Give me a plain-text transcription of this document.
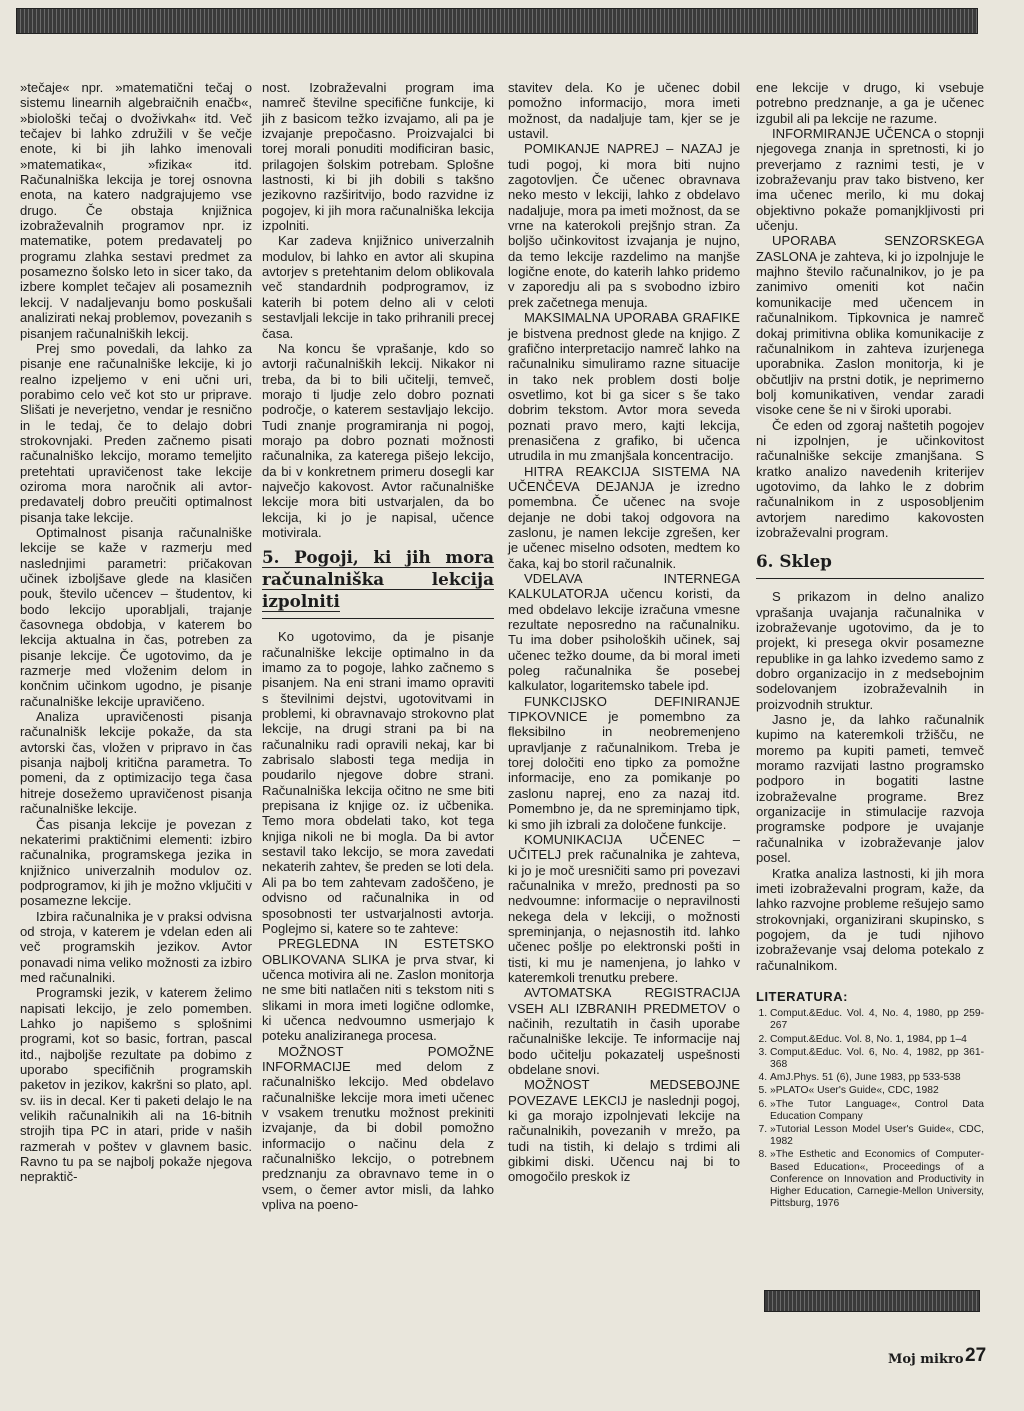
»tečaje« npr. »matematični tečaj o sistemu linearnih algebraičnih enačb«, »biološki tečaj o dvoživkah« itd. Več tečajev bi lahko združili v še večje enote, ki bi jih lahko imenovali »matematika«, »fizika« itd. Računalniška lekcija je torej osnovna enota, na katero nadgrajujemo vse drugo. Če obstaja knjižnica izobraževalnih programov npr. iz matematike, potem predavatelj po programu zlahka sestavi predmet za posamezno šolsko leto in sicer tako, da izbere komplet tečajev ali posameznih lekcij. V nadaljevanju bomo poskušali analizirati nekaj problemov, povezanih s pisanjem računalniških lekcij.

Prej smo povedali, da lahko za pisanje ene računalniške lekcije, ki jo realno izpeljemo v eni učni uri, porabimo celo več kot sto ur priprave. Slišati je neverjetno, vendar je resnično in le tedaj, če to delajo dobri strokovnjaki. Preden začnemo pisati računalniško lekcijo, moramo temeljito pretehtati upravičenost take lekcije oziroma mora naročnik ali avtor-predavatelj dobro preučiti optimalnost pisanja take lekcije.

Optimalnost pisanja računalniške lekcije se kaže v razmerju med naslednjimi parametri: pričakovan učinek izboljšave glede na klasičen pouk, število učencev – študentov, ki bodo lekcijo uporabljali, trajanje časovnega obdobja, v katerem bo lekcija aktualna in čas, potreben za pisanje lekcije. Če ugotovimo, da je razmerje med vloženim delom in končnim učinkom ugodno, je pisanje računalniške lekcije upravičeno.

Analiza upravičenosti pisanja računalnišk lekcije pokaže, da sta avtorski čas, vložen v pripravo in čas pisanja najbolj kritična parametra. To pomeni, da z optimizacijo tega časa hitreje dosežemo upravičenost pisanja računalniške lekcije.

Čas pisanja lekcije je povezan z nekaterimi praktičnimi elementi: izbiro računalnika, programskega jezika in knjižnico univerzalnih modulov oz. podprogramov, ki jih je možno vključiti v posamezne lekcije.

Izbira računalnika je v praksi odvisna od stroja, v katerem je vdelan eden ali več programskih jezikov. Avtor ponavadi nima veliko možnosti za izbiro med računalniki.

Programski jezik, v katerem želimo napisati lekcijo, je zelo pomemben. Lahko jo napišemo s splošnimi programi, kot so basic, fortran, pascal itd., najboljše rezultate pa dobimo z uporabo specifičnih programskih paketov in jezikov, kakršni so plato, apl. sv. iis in decal. Ker ti paketi delajo le na velikih računalnikih ali na 16-bitnih strojih tipa PC in atari, pride v naših razmerah v poštev v glavnem basic. Ravno tu pa se najbolj pokaže njegova nepraktič-

nost. Izobraževalni program ima namreč številne specifične funkcije, ki jih z basicom težko izvajamo, ali pa je izvajanje prepočasno. Proizvajalci bi torej morali ponuditi modificiran basic, prilagojen šolskim potrebam. Splošne lastnosti, ki bi jih dobili s takšno jezikovno razširitvijo, bodo razvidne iz pogojev, ki jih mora računalniška lekcija izpolniti.

Kar zadeva knjižnico univerzalnih modulov, bi lahko en avtor ali skupina avtorjev s pretehtanim delom oblikovala več standardnih podprogramov, iz katerih bi potem delno ali v celoti sestavljali lekcije in tako prihranili precej časa.

Na koncu še vprašanje, kdo so avtorji računalniških lekcij. Nikakor ni treba, da bi to bili učitelji, temveč, morajo ti ljudje zelo dobro poznati področje, o katerem sestavljajo lekcijo. Tudi znanje programiranja ni pogoj, morajo pa dobro poznati možnosti računalnika, za katerega pišejo lekcijo, da bi v konkretnem primeru dosegli kar največjo kakovost. Avtor računalniške lekcije mora biti ustvarjalen, da bo lekcija, ki jo je napisal, učence motivirala.

5. Pogoji, ki jih mora računalniška lekcija izpolniti

Ko ugotovimo, da je pisanje računalniške lekcije optimalno in da imamo za to pogoje, lahko začnemo s pisanjem. Na eni strani imamo opraviti s številnimi dejstvi, ugotovitvami in problemi, ki obravnavajo strokovno plat lekcije, na drugi strani pa bi na računalniku radi opravili nekaj, kar bi zabrisalo slabosti tega medija in poudarilo njegove dobre strani. Računalniška lekcija očitno ne sme biti prepisana iz knjige oz. iz učbenika. Temo mora obdelati tako, kot tega knjiga nikoli ne bi mogla. Da bi avtor sestavil tako lekcijo, se mora zavedati nekaterih zahtev, še preden se loti dela. Ali pa bo tem zahtevam zadoščeno, je odvisno od računalnika in od sposobnosti ter ustvarjalnosti avtorja. Poglejmo si, katere so te zahteve:

PREGLEDNA IN ESTETSKO OBLIKOVANA SLIKA je prva stvar, ki učenca motivira ali ne. Zaslon monitorja ne sme biti natlačen niti s tekstom niti s slikami in mora imeti logične odlomke, ki učenca nedvoumno usmerjajo k poteku analiziranega procesa.

MOŽNOST POMOŽNE INFORMACIJE med delom z računalniško lekcijo. Med obdelavo računalniške lekcije mora imeti učenec v vsakem trenutku možnost prekiniti izvajanje, da bi dobil pomožno informacijo o načinu dela z računalniško lekcijo, o potrebnem predznanju za obravnavo teme in o vsem, o čemer avtor misli, da lahko vpliva na poeno-

stavitev dela. Ko je učenec dobil pomožno informacijo, mora imeti možnost, da nadaljuje tam, kjer se je ustavil.

POMIKANJE NAPREJ – NAZAJ je tudi pogoj, ki mora biti nujno zagotovljen. Če učenec obravnava neko mesto v lekciji, lahko z obdelavo nadaljuje, mora pa imeti možnost, da se vrne na katerokoli prejšnjo stran. Za boljšo učinkovitost izvajanja je nujno, da temo lekcije razdelimo na manjše logične enote, do katerih lahko pridemo v zaporedju ali pa s svobodno izbiro prek začetnega menuja.

MAKSIMALNA UPORABA GRAFIKE je bistvena prednost glede na knjigo. Z grafično interpretacijo namreč lahko na računalniku simuliramo razne situacije in tako nek problem dosti bolje osvetlimo, kot bi ga sicer s še tako dobrim tekstom. Avtor mora seveda poznati pravo mero, kajti lekcija, prenasičena z grafiko, bi učenca utrudila in mu zmanjšala koncentracijo.

HITRA REAKCIJA SISTEMA NA UČENČEVA DEJANJA je izredno pomembna. Če učenec na svoje dejanje ne dobi takoj odgovora na zaslonu, je namen lekcije zgrešen, ker je učenec miselno odsoten, medtem ko čaka, kaj bo storil računalnik.

VDELAVA INTERNEGA KALKULATORJA učencu koristi, da med obdelavo lekcije izračuna vmesne rezultate neposredno na računalniku. Tu ima dober psiholoških učinek, saj učenec težko doume, da bi moral imeti poleg računalnika še posebej kalkulator, logaritemsko tabele ipd.

FUNKCIJSKO DEFINIRANJE TIPKOVNICE je pomembno za fleksibilno in neobremenjeno upravljanje z računalnikom. Treba je torej določiti eno tipko za pomožne informacije, eno za pomikanje po zaslonu naprej, eno za nazaj itd. Pomembno je, da ne spreminjamo tipk, ki smo jih izbrali za določene funkcije.

KOMUNIKACIJA UČENEC – UČITELJ prek računalnika je zahteva, ki jo je moč uresničiti samo pri povezavi računalnika v mrežo, prednosti pa so nedvoumne: informacije o nepravilnosti nekega dela v lekciji, o možnosti spreminjanja, o nejasnostih itd. lahko učenec pošlje po elektronski pošti in tisti, ki mu je namenjena, jo lahko v kateremkoli trenutku prebere.

AVTOMATSKA REGISTRACIJA VSEH ALI IZBRANIH PREDMETOV o načinih, rezultatih in časih uporabe računalniške lekcije. Te informacije naj bodo učitelju pokazatelj uspešnosti obdelane snovi.

MOŽNOST MEDSEBOJNE POVEZAVE LEKCIJ je naslednji pogoj, ki ga morajo izpolnjevati lekcije na računalnikih, povezanih v mrežo, pa tudi na tistih, ki delajo s trdimi ali gibkimi diski. Učencu naj bi to omogočilo preskok iz

ene lekcije v drugo, ki vsebuje potrebno predznanje, a ga je učenec izgubil ali pa lekcije ne razume.

INFORMIRANJE UČENCA o stopnji njegovega znanja in spretnosti, ki jo preverjamo z raznimi testi, je v izobraževanju prav tako bistveno, ker ima učenec merilo, ki mu dokaj objektivno pokaže pomanjkljivosti pri učenju.

UPORABA SENZORSKEGA ZASLONA je zahteva, ki jo izpolnjuje le majhno število računalnikov, jo je pa zanimivo omeniti kot način komunikacije med učencem in računalnikom. Tipkovnica je namreč dokaj primitivna oblika komunikacije z računalnikom in zahteva izurjenega uporabnika. Zaslon monitorja, ki je občutljiv na prstni dotik, je neprimerno bolj komunikativen, vendar zaradi visoke cene še ni v široki uporabi.

Če eden od zgoraj naštetih pogojev ni izpolnjen, je učinkovitost računalniške sekcije zmanjšana. S kratko analizo navedenih kriterijev ugotovimo, da lahko le z dobrim računalnikom in z usposobljenim avtorjem naredimo kakovosten izobraževalni program.

6. Sklep

S prikazom in delno analizo vprašanja uvajanja računalnika v izobraževanje ugotovimo, da je to projekt, ki presega okvir posamezne republike in ga lahko izvedemo samo z dobro organizacijo in z medsebojnim sodelovanjem izobraževalnih in proizvodnih struktur.

Jasno je, da lahko računalnik kupimo na kateremkoli tržišču, ne moremo pa kupiti pameti, temveč moramo razvijati lastno programsko podporo in bogatiti lastne izobraževalne programe. Brez organizacije in stimulacije razvoja programske podpore je uvajanje računalnika v izobraževanje jalov posel.

Kratka analiza lastnosti, ki jih mora imeti izobraževalni program, kaže, da lahko razvojne probleme rešujejo samo strokovnjaki, organizirani skupinsko, s pogojem, da je tudi njihovo izobraževanje vsaj deloma potekalo z računalnikom.

LITERATURA:
1. Comput.&Educ. Vol. 4, No. 4, 1980, pp 259-267
2. Comput.&Educ. Vol. 8, No. 1, 1984, pp 1–4
3. Comput.&Educ. Vol. 6, No. 4, 1982, pp 361-368
4. AmJ.Phys. 51 (6), June 1983, pp 533-538
5. »PLATO« User's Guide«, CDC, 1982
6. »The Tutor Language«, Control Data Education Company
7. »Tutorial Lesson Model User's Guide«, CDC, 1982
8. »The Esthetic and Economics of Computer-Based Education«, Proceedings of a Conference on Innovation and Productivity in Higher Education, Carnegie-Mellon University, Pittsburg, 1976
Moj mikro 27
